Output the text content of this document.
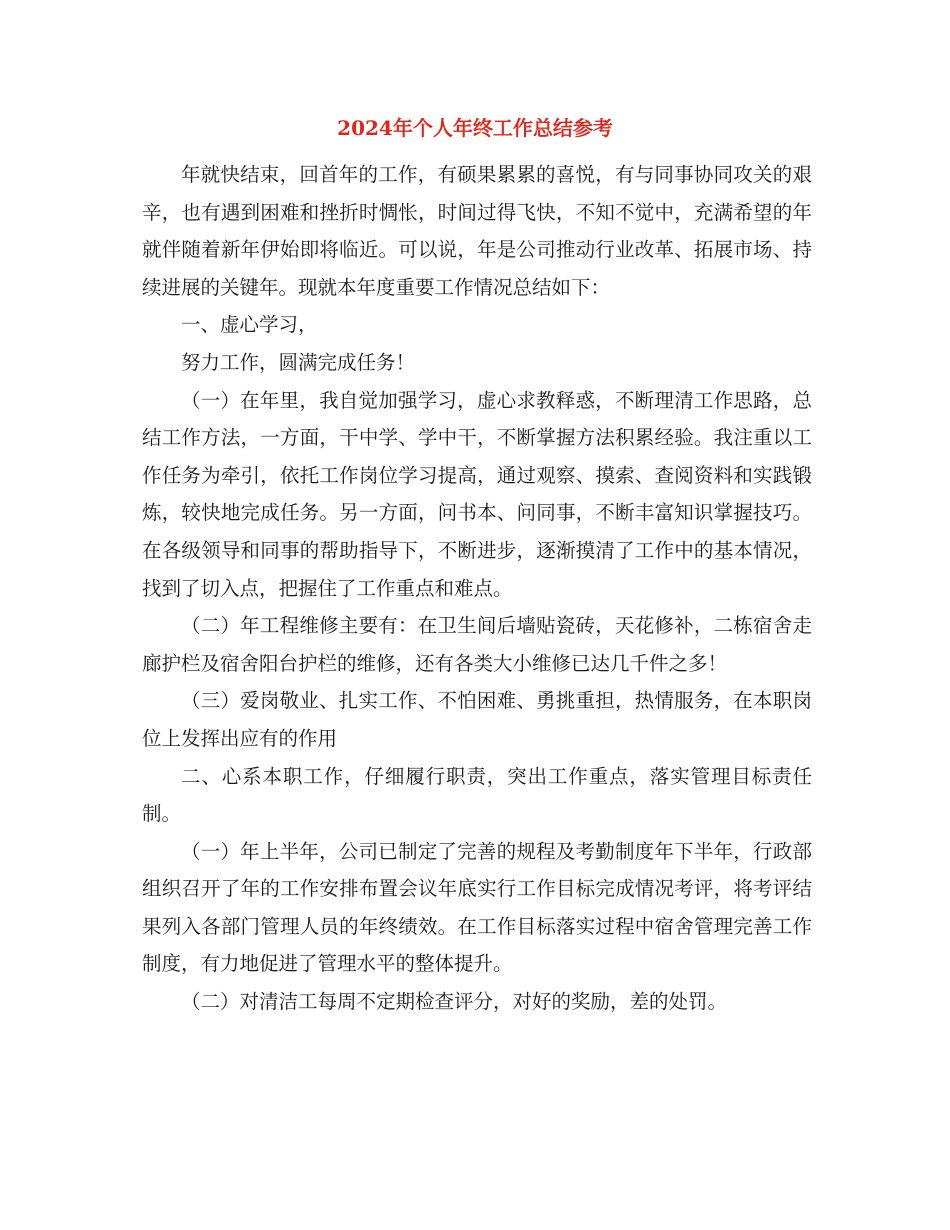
2024年个人年终工作总结参考

年就快结束，回首年的工作，有硕果累累的喜悦，有与同事协同攻关的艰辛，也有遇到困难和挫折时惆怅，时间过得飞快，不知不觉中，充满希望的年就伴随着新年伊始即将临近。可以说，年是公司推动行业改革、拓展市场、持续进展的关键年。现就本年度重要工作情况总结如下：

一、虚心学习，

努力工作，圆满完成任务！

（一）在年里，我自觉加强学习，虚心求教释惑，不断理清工作思路，总结工作方法，一方面，干中学、学中干，不断掌握方法积累经验。我注重以工作任务为牵引，依托工作岗位学习提高，通过观察、摸索、查阅资料和实践锻炼，较快地完成任务。另一方面，问书本、问同事，不断丰富知识掌握技巧。在各级领导和同事的帮助指导下，不断进步，逐渐摸清了工作中的基本情况，找到了切入点，把握住了工作重点和难点。

（二）年工程维修主要有：在卫生间后墙贴瓷砖，天花修补，二栋宿舍走廊护栏及宿舍阳台护栏的维修，还有各类大小维修已达几千件之多！

（三）爱岗敬业、扎实工作、不怕困难、勇挑重担，热情服务，在本职岗位上发挥出应有的作用

二、心系本职工作，仔细履行职责，突出工作重点，落实管理目标责任制。

（一）年上半年，公司已制定了完善的规程及考勤制度年下半年，行政部组织召开了年的工作安排布置会议年底实行工作目标完成情况考评，将考评结果列入各部门管理人员的年终绩效。在工作目标落实过程中宿舍管理完善工作制度，有力地促进了管理水平的整体提升。

（二）对清洁工每周不定期检查评分，对好的奖励，差的处罚。
